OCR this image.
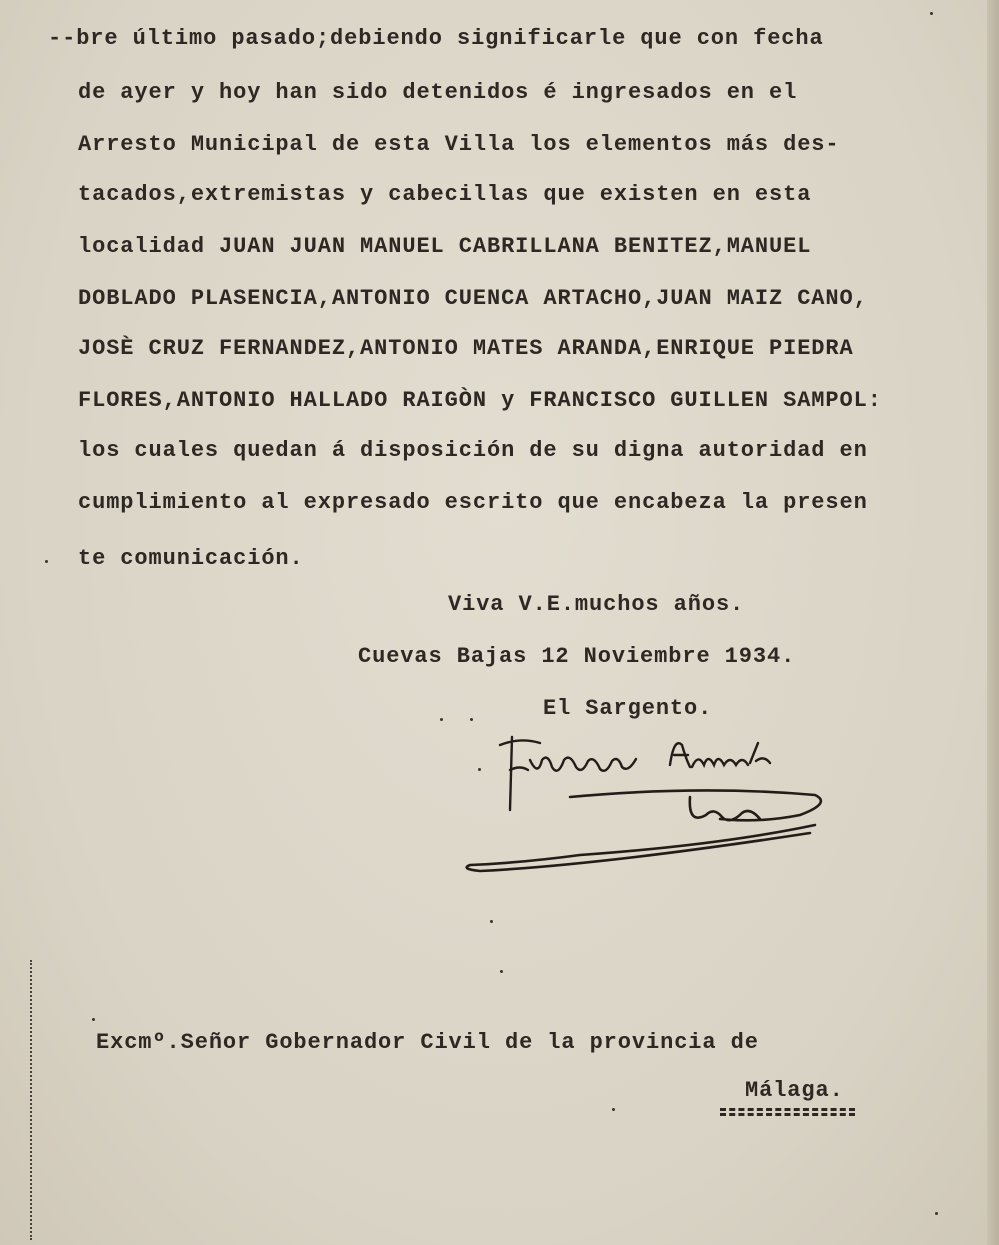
--bre último pasado;debiendo significarle que con fecha
de ayer y hoy han sido detenidos é ingresados en el
Arresto Municipal de esta Villa los elementos más des-
tacados,extremistas y cabecillas que existen en esta
localidad JUAN JUAN MANUEL CABRILLANA BENITEZ,MANUEL
DOBLADO PLASENCIA,ANTONIO CUENCA ARTACHO,JUAN MAIZ CANO,
JOSÈ CRUZ FERNANDEZ,ANTONIO MATES ARANDA,ENRIQUE PIEDRA
FLORES,ANTONIO HALLADO RAIGÒN y FRANCISCO GUILLEN SAMPOL:
los cuales quedan á disposición de su digna autoridad en
cumplimiento al expresado escrito que encabeza la presen
te comunicación.
Viva V.E.muchos años.
Cuevas Bajas 12 Noviembre 1934.
El Sargento.
Excmº.Señor Gobernador Civil de la provincia de
Málaga.
